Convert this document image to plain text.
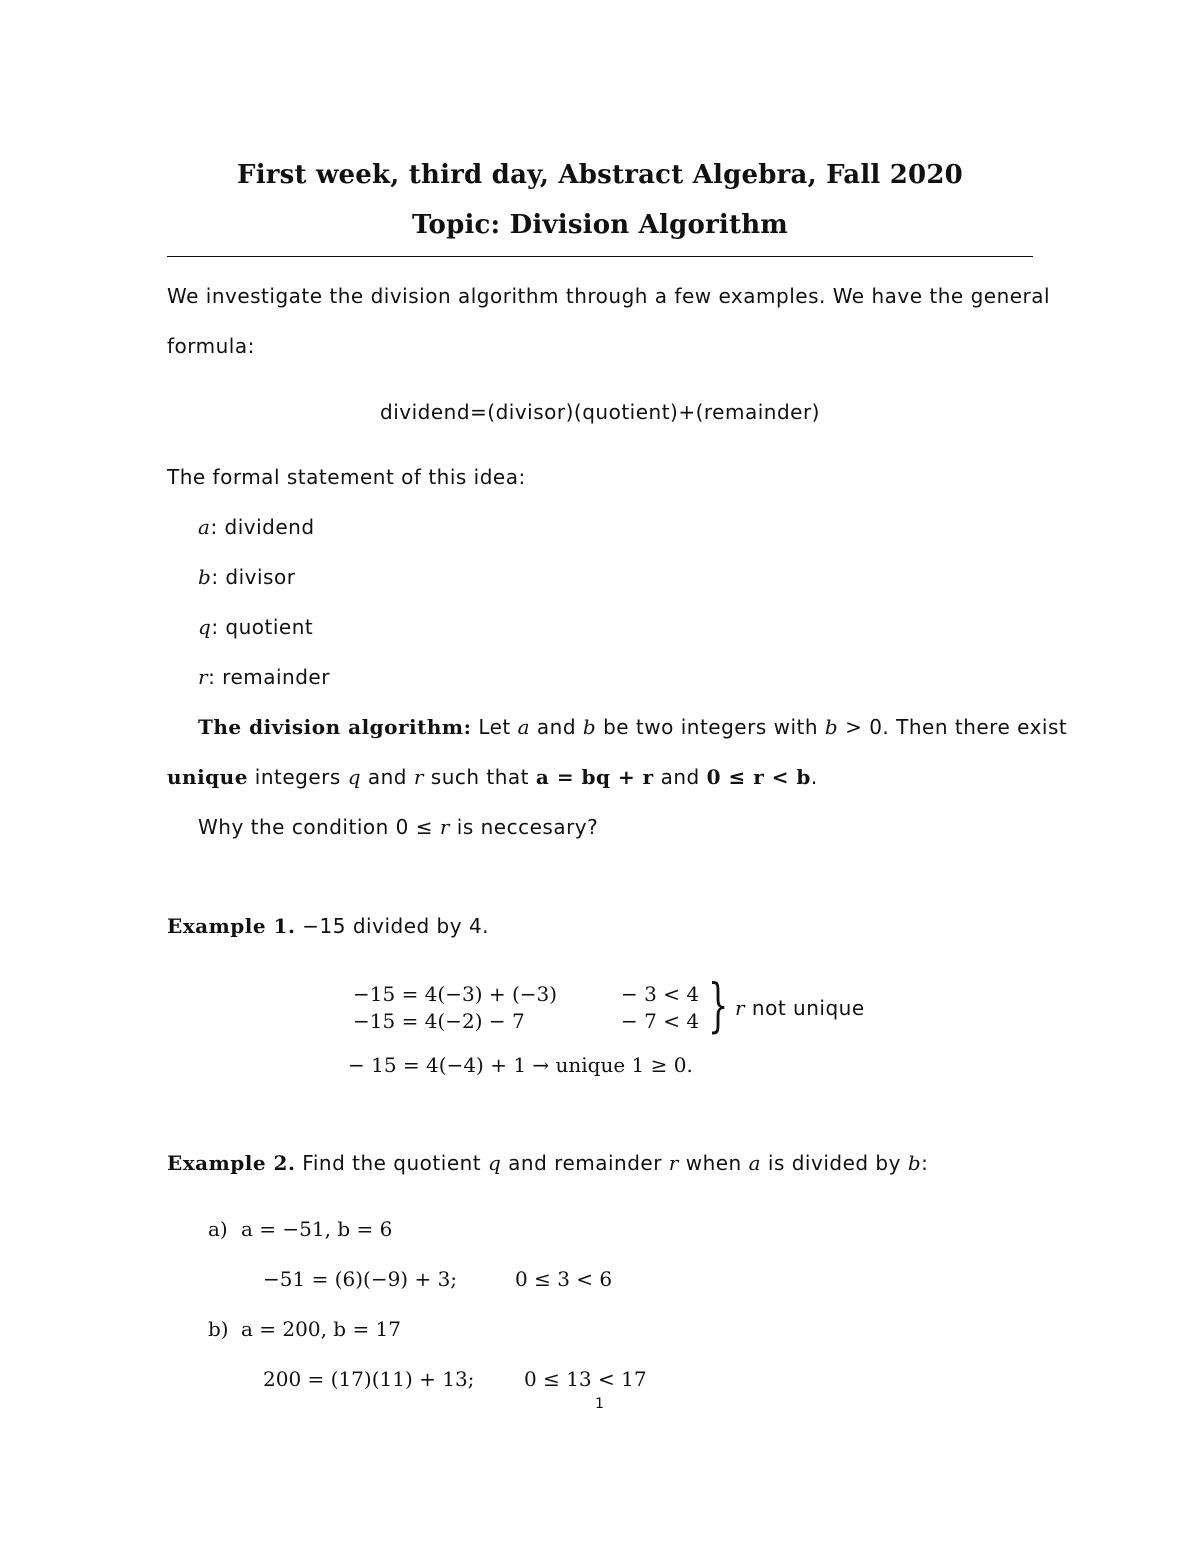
First week, third day, Abstract Algebra, Fall 2020
Topic: Division Algorithm
We investigate the division algorithm through a few examples. We have the general
formula:
dividend=(divisor)(quotient)+(remainder)
The formal statement of this idea:
a: dividend
b: divisor
q: quotient
r: remainder
The division algorithm: Let a and b be two integers with b > 0. Then there exist
unique integers q and r such that a = bq + r and 0 ≤ r < b.
Why the condition 0 ≤ r is neccesary?
Example 1. −15 divided by 4.
−15 = 4(−3) + (−3)	− 3 < 4
−15 = 4(−2) − 7	− 7 < 4 } r not unique
− 15 = 4(−4) + 1 → unique 1 ≥ 0.
Example 2. Find the quotient q and remainder r when a is divided by b:
a) a = −51, b = 6
−51 = (6)(−9) + 3;	0 ≤ 3 < 6
b) a = 200, b = 17
200 = (17)(11) + 13; 0 ≤ 13 < 17
1
